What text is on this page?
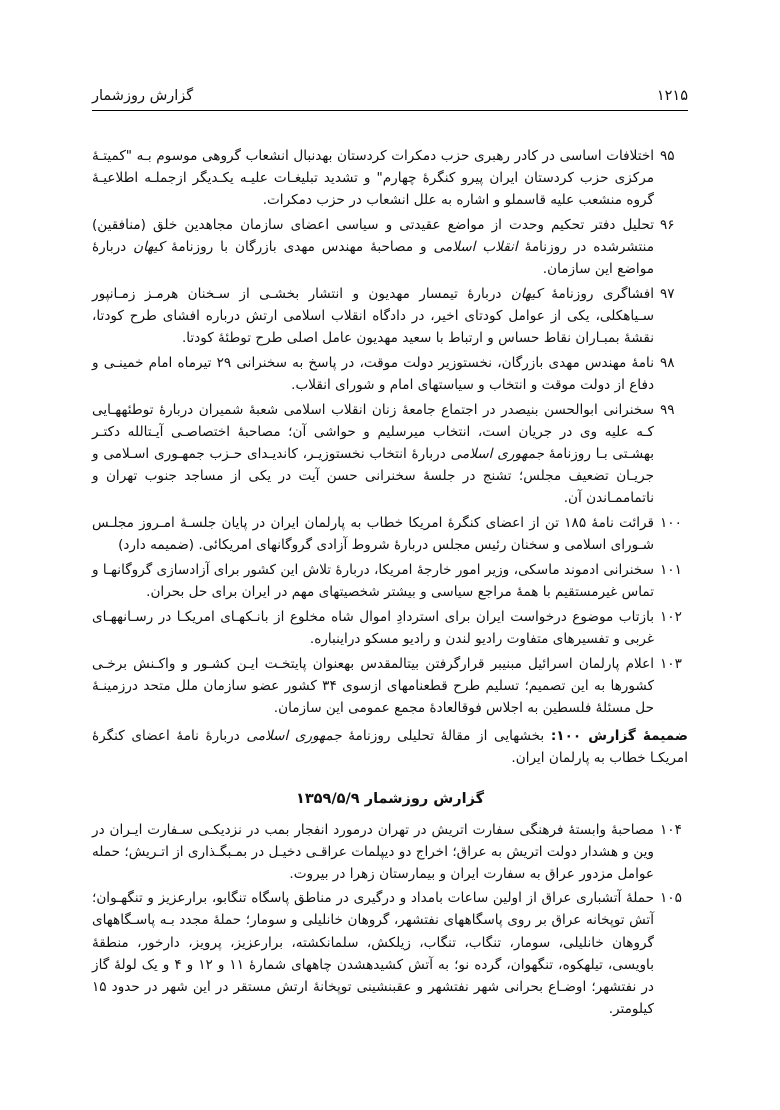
گزارش روزشمار	۱۲۱۵
۹۵
اختلافات اساسی در کادر رهبری حزب دمکرات کردستان بهدنبال انشعاب گروهی موسوم بـه "کمیتـهٔ مرکزی حزب کردستان ایران پیرو کنگرهٔ چهارم" و تشدید تبلیغـات علیـه یکـدیگر ازجملـه اطلاعیـهٔ گروه منشعب علیه قاسملو و اشاره به علل انشعاب در حزب دمکرات.
۹۶
تحلیل دفتر تحکیم وحدت از مواضع عقیدتی و سیاسی اعضای سازمان مجاهدین خلق (منافقین) منتشرشده در روزنامهٔ انقلاب اسلامی و مصاحبهٔ مهندس مهدی بازرگان با روزنامهٔ کیهان دربارهٔ مواضع این سازمان.
۹۷
افشاگری روزنامهٔ کیهان دربارهٔ تیمسار مهدیون و انتشار بخشـی از سـخنان هرمـز زمـانپور سـیاهکلی، یکی از عوامل کودتای اخیر، در دادگاه انقلاب اسلامی ارتش درباره افشای طرح کودتا، نقشهٔ بمبـاران نقاط حساس و ارتباط با سعید مهدیون عامل اصلی طرح توطئهٔ کودتا.
۹۸
نامهٔ مهندس مهدی بازرگان، نخستوزیر دولت موقت، در پاسخ به سخنرانی ۲۹ تیرماه امام خمینـی و دفاع از دولت موقت و انتخاب و سیاستهای امام و شورای انقلاب.
۹۹
سخنرانی ابوالحسن بنیصدر در اجتماع جامعهٔ زنان انقلاب اسلامی شعبهٔ شمیران دربارهٔ توطئههـایی کـه علیه وی در جریان است، انتخاب میرسلیم و حواشی آن؛ مصاحبهٔ اختصاصـی آیـتالله دکتـر بهشـتی بـا روزنامهٔ جمهوری اسلامی دربارهٔ انتخاب نخستوزیـر، کاندیـدای حـزب جمهـوری اسـلامی و جریـان تضعیف مجلس؛ تشنج در جلسهٔ سخنرانی حسن آیت در یکی از مساجد جنوب تهران و ناتماممـاندن آن.
۱۰۰
قرائت نامهٔ ۱۸۵ تن از اعضای کنگرهٔ امریکا خطاب به پارلمان ایران در پایان جلسـهٔ امـروز مجلـس شـورای اسلامی و سخنان رئیس مجلس دربارهٔ شروط آزادی گروگانهای امریکائی. (ضمیمه دارد)
۱۰۱
سخنرانی ادموند ماسکی، وزیر امور خارجهٔ امریکا، دربارهٔ تلاش این کشور برای آزادسازی گروگانهـا و تماس غیرمستقیم با همهٔ مراجع سیاسی و بیشتر شخصیتهای مهم در ایران برای حل بحران.
۱۰۲
بازتاب موضوع درخواست ایران برای استردادِ اموال شاه مخلوع از بانـکهـای امریکـا در رسـانههـای غربی و تفسیرهای متفاوت رادیو لندن و رادیو مسکو دراینباره.
۱۰۳
اعلام پارلمان اسرائیل مبنیبر قرارگرفتن بیتالمقدس بهعنوان پایتخـت ایـن کشـور و واکـنش برخـی کشورها به این تصمیم؛ تسلیم طرح قطعنامهای ازسوی ۳۴ کشور عضو سازمان ملل متحد درزمینـهٔ حل مسئلهٔ فلسطین به اجلاس فوقالعادهٔ مجمع عمومی این سازمان.
ضمیمهٔ گزارش ۱۰۰: بخشهایی از مقالهٔ تحلیلی روزنامهٔ جمهوری اسلامی دربارهٔ نامهٔ اعضای کنگرهٔ امریکـا خطاب به پارلمان ایران.
گزارش روزشمار ۱۳۵۹/۵/۹
۱۰۴
مصاحبهٔ وابستهٔ فرهنگی سفارت اتریش در تهران درمورد انفجار بمب در نزدیکـی سـفارت ایـران در وین و هشدار دولت اتریش به عراق؛ اخراج دو دیپلمات عراقـی دخیـل در بمـبگـذاری از اتـریش؛ حمله عوامل مزدور عراق به سفارت ایران و بیمارستان زهرا در بیروت.
۱۰۵
حملهٔ آتشباری عراق از اولین ساعات بامداد و درگیری در مناطق پاسگاه تنگابو، برارعزیز و تنگهـوان؛ آتش توپخانه عراق بر روی پاسگاههای نفتشهر، گروهان خانلیلی و سومار؛ حملهٔ مجدد بـه پاسـگاههای گروهان خانلیلی، سومار، تنگاب، تنگاب، زیلکش، سلمانکشته، برارعزیز، پرویز، دارخور، منطقهٔ باویسی، تیلهکوه، تنگهوان، گرده نو؛ به آتش کشیدهشدن چاههای شمارهٔ ۱۱ و ۱۲ و ۴ و یک لولهٔ گاز در نفتشهر؛ اوضـاع بحرانی شهر نفتشهر و عقبنشینی توپخانهٔ ارتش مستقر در این شهر در حدود ۱۵ کیلومتر.
